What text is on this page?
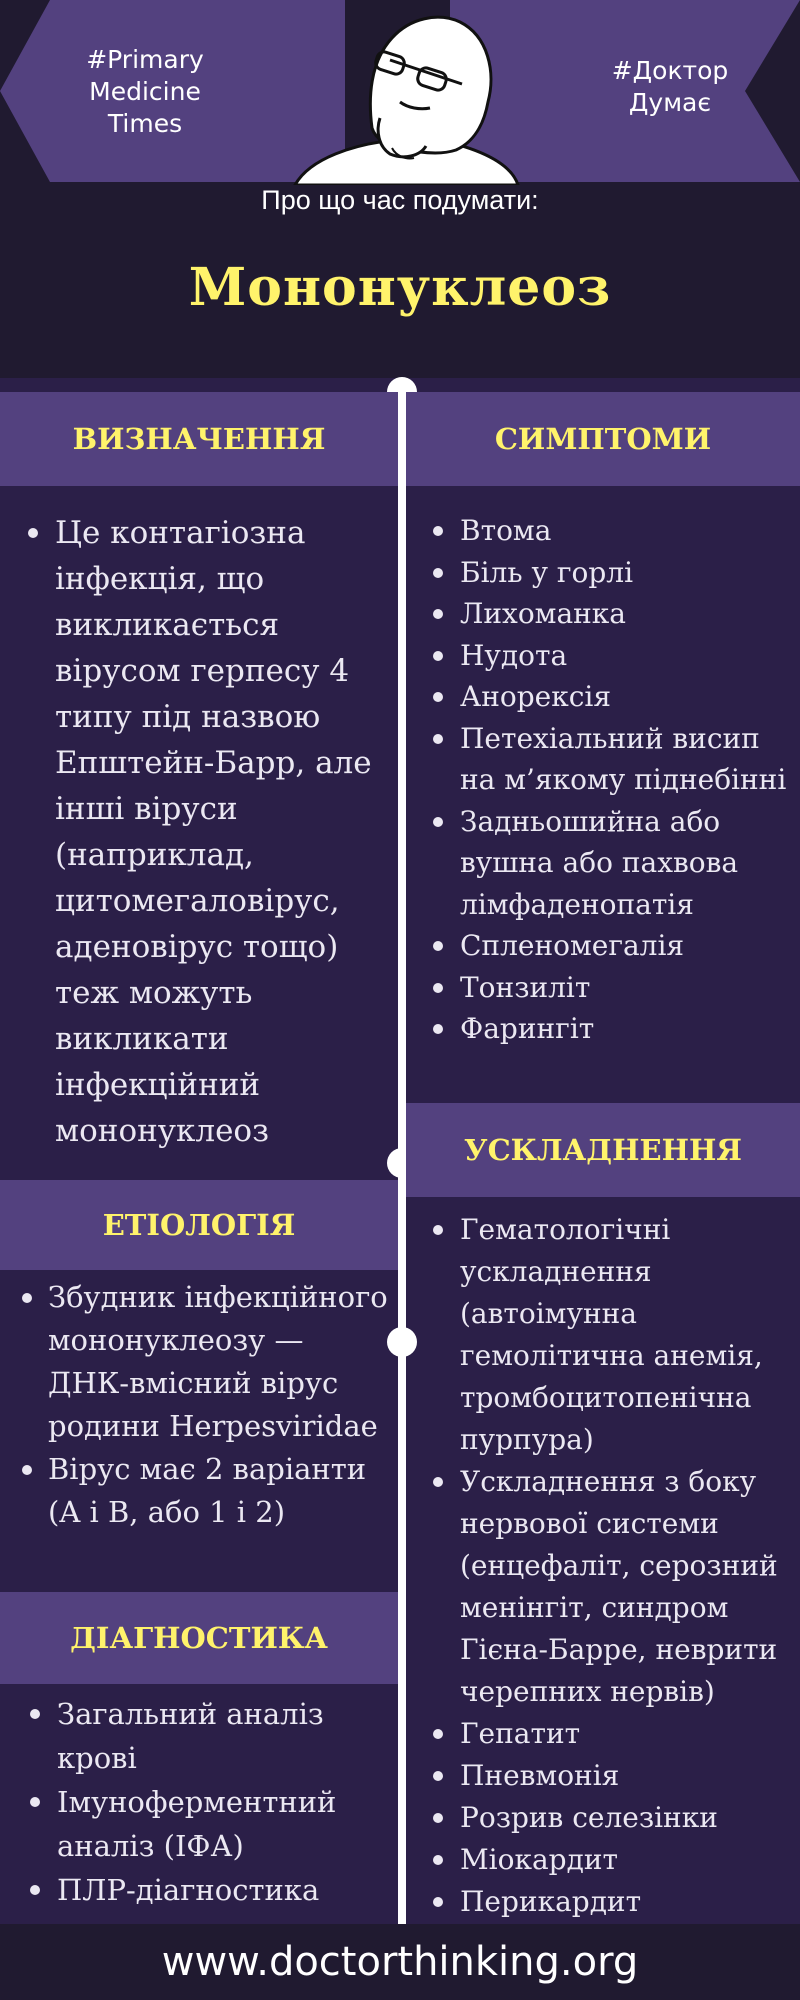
#Primary Medicine Times
#Доктор Думає
Про що час подумати:
Мононуклеоз
ВИЗНАЧЕННЯ
Це контагіозна інфекція, що викликається вірусом герпесу 4 типу під назвою Епштейн-Барр, але інші віруси (наприклад, цитомегаловірус, аденовірус тощо) теж можуть викликати інфекційний мононуклеоз
СИМПТОМИ
Втома
Біль у горлі
Лихоманка
Нудота
Анорексія
Петехіальний висип на м’якому піднебінні
Задньошийна або вушна або пахвова лімфаденопатія
Спленомегалія
Тонзиліт
Фарингіт
УСКЛАДНЕННЯ
Гематологічні ускладнення (автоімунна гемолітична анемія, тромбоцитопенічна пурпура)
Ускладнення з боку нервової системи (енцефаліт, серозний менінгіт, синдром Гієна-Барре, неврити черепних нервів)
Гепатит
Пневмонія
Розрив селезінки
Міокардит
Перикардит
ЕТІОЛОГІЯ
Збудник інфекційного мононуклеозу — ДНК-вмісний вірус родини Herpesviridae
Вірус має 2 варіанти (A і B, або 1 і 2)
ДІАГНОСТИКА
Загальний аналіз крові
Імуноферментний аналіз (ІФА)
ПЛР-діагностика
www.doctorthinking.org
